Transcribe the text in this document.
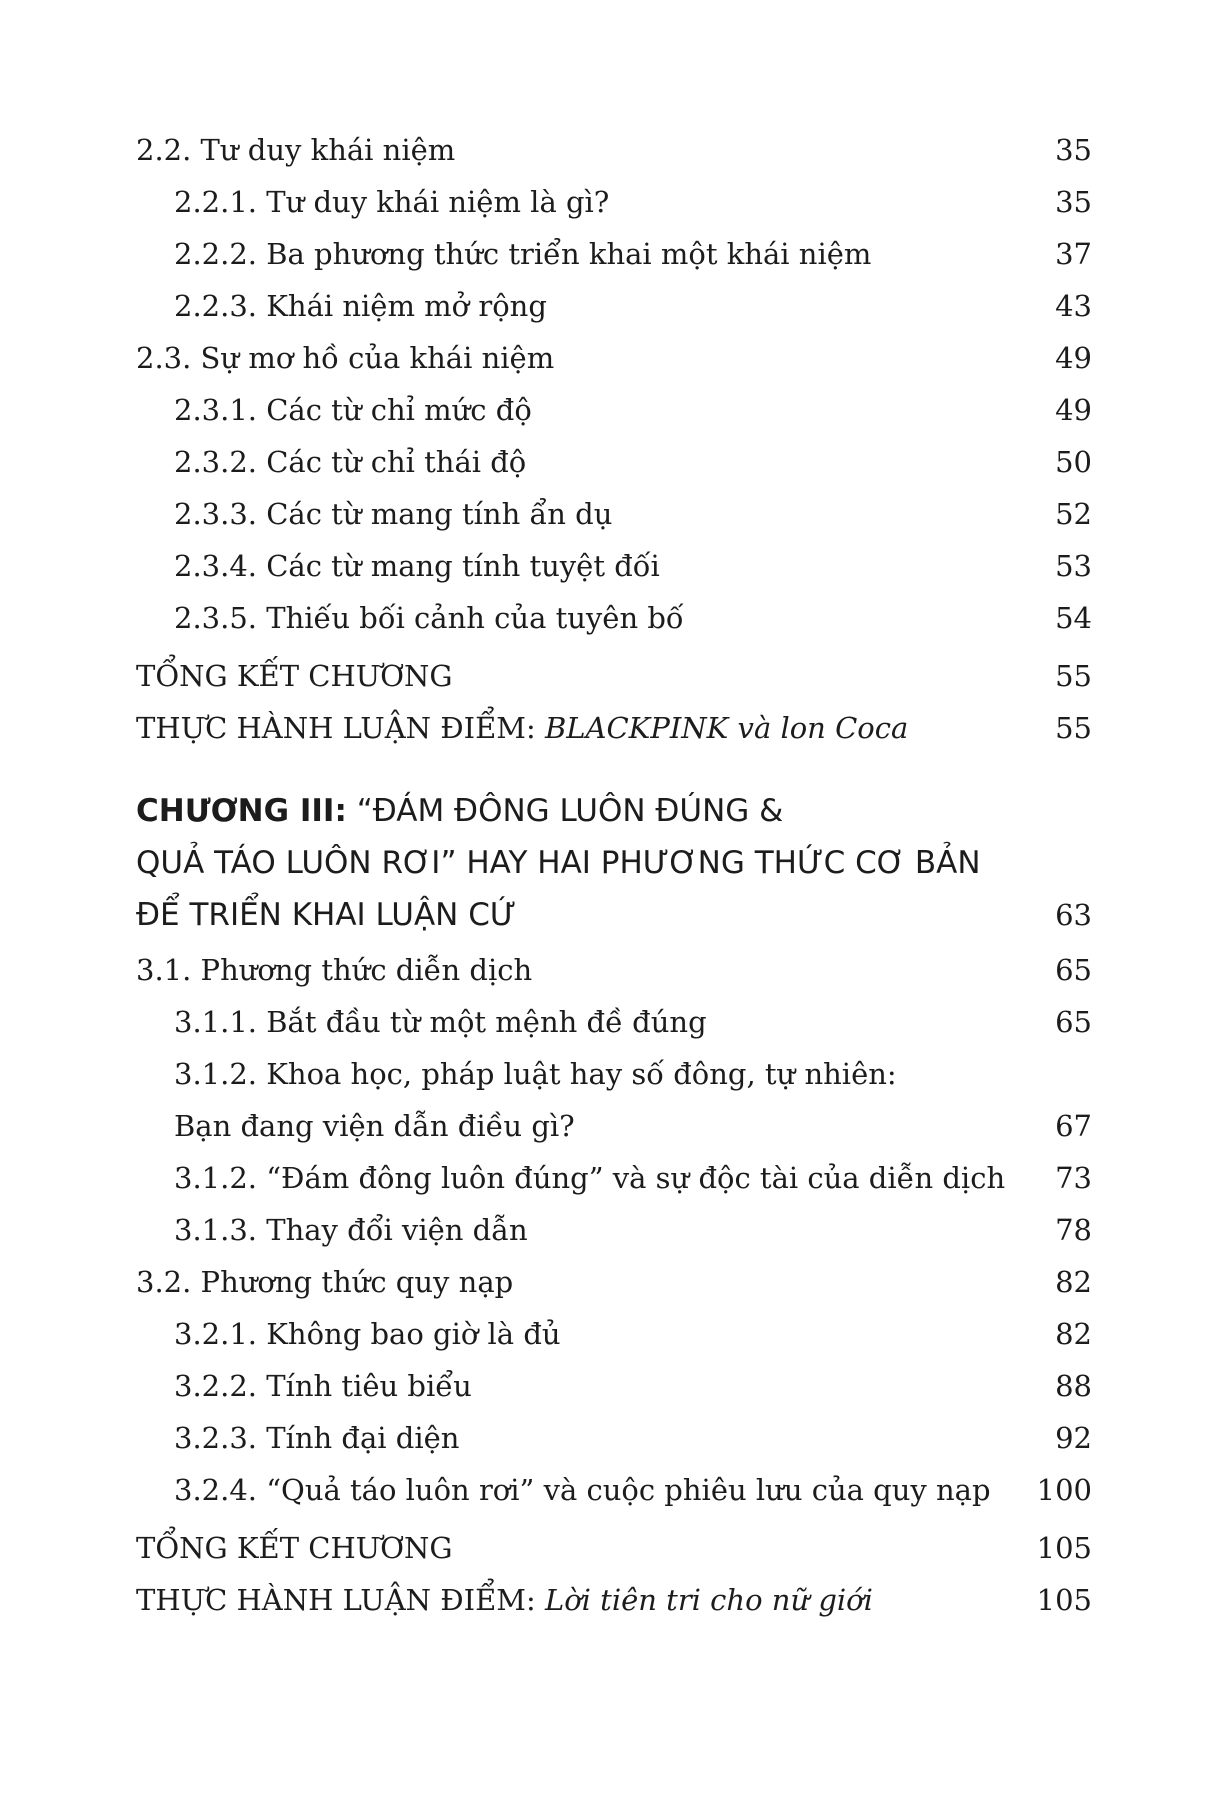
2.2. Tư duy khái niệm	35
2.2.1. Tư duy khái niệm là gì?	35
2.2.2. Ba phương thức triển khai một khái niệm	37
2.2.3. Khái niệm mở rộng	43
2.3. Sự mơ hồ của khái niệm	49
2.3.1. Các từ chỉ mức độ	49
2.3.2. Các từ chỉ thái độ	50
2.3.3. Các từ mang tính ẩn dụ	52
2.3.4. Các từ mang tính tuyệt đối	53
2.3.5. Thiếu bối cảnh của tuyên bố	54
TỔNG KẾT CHƯƠNG	55
THỰC HÀNH LUẬN ĐIỂM: BLACKPINK và lon Coca	55
CHƯƠNG III: “ĐÁM ĐÔNG LUÔN ĐÚNG &
QUẢ TÁO LUÔN RƠI” HAY HAI PHƯƠNG THỨC CƠ BẢN
ĐỂ TRIỂN KHAI LUẬN CỨ	63
3.1. Phương thức diễn dịch	65
3.1.1. Bắt đầu từ một mệnh đề đúng	65
3.1.2. Khoa học, pháp luật hay số đông, tự nhiên:
Bạn đang viện dẫn điều gì?	67
3.1.2. “Đám đông luôn đúng” và sự độc tài của diễn dịch 73
3.1.3. Thay đổi viện dẫn	78
3.2. Phương thức quy nạp	82
3.2.1. Không bao giờ là đủ	82
3.2.2. Tính tiêu biểu	88
3.2.3. Tính đại diện	92
3.2.4. “Quả táo luôn rơi” và cuộc phiêu lưu của quy nạp 100
TỔNG KẾT CHƯƠNG	105
THỰC HÀNH LUẬN ĐIỂM: Lời tiên tri cho nữ giới	105
